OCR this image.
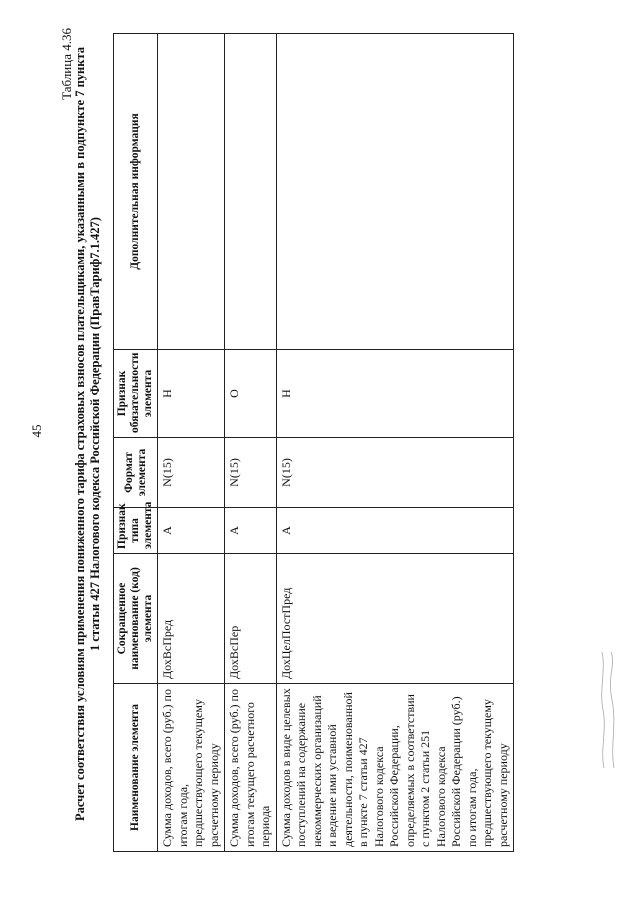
45
Таблица 4.36 Расчет соответствия условиям применения пониженного тарифа страховых взносов плательщиками, указанными в подпункте 7 пункта 1 статьи 427 Налогового кодекса Российской Федерации (ПравТариф7.1.427)
Наименование элемента	Сокращенное наименование (код) элемента	Признак типа элемента	Формат элемента	Признак обязательности элемента	Дополнительная информация
Сумма доходов, всего (руб.) по итогам года, предшествующего текущему расчетному периоду	ДохВсПред	А	N(15)	Н	
Сумма доходов, всего (руб.) по итогам текущего расчетного периода	ДохВсПер	А	N(15)	О	
Сумма доходов в виде целевых поступлений на содержание некоммерческих организаций и ведение ими уставной деятельности, поименованной в пункте 7 статьи 427 Налогового кодекса Российской Федерации, определяемых в соответствии с пунктом 2 статьи 251 Налогового кодекса Российской Федерации (руб.) по итогам года, предшествующего текущему расчетному периоду	ДохЦелПостПред	А	N(15)	Н	
